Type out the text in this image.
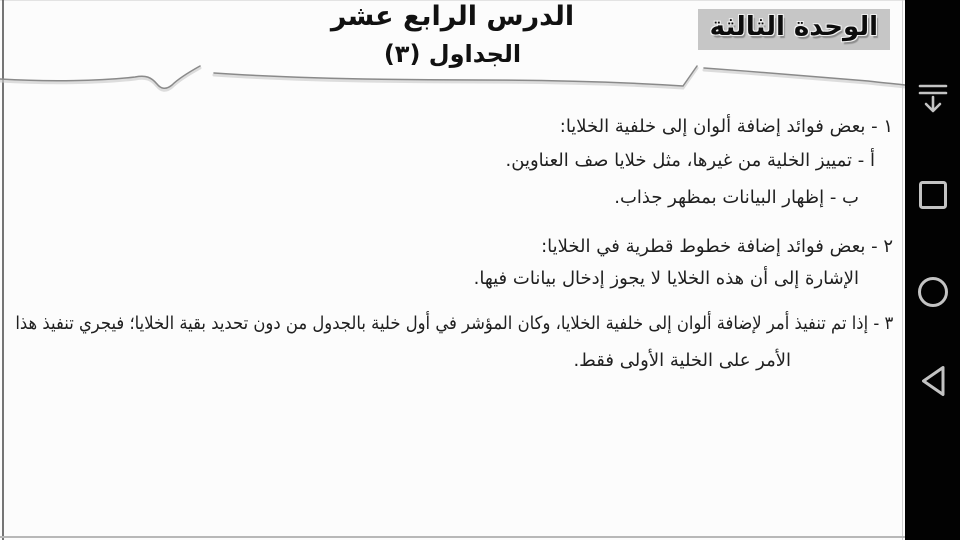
الدرس الرابع عشر
الجداول (٣)
الوحدة الثالثة
١ - بعض فوائد إضافة ألوان إلى خلفية الخلايا:
أ - تمييز الخلية من غيرها، مثل خلايا صف العناوين.
ب - إظهار البيانات بمظهر جذاب.
٢ - بعض فوائد إضافة خطوط قطرية في الخلايا:
الإشارة إلى أن هذه الخلايا لا يجوز إدخال بيانات فيها.
٣ - إذا تم تنفيذ أمر لإضافة ألوان إلى خلفية الخلايا، وكان المؤشر في أول خلية بالجدول من دون تحديد بقية الخلايا؛ فيجري تنفيذ هذا
الأمر على الخلية الأولى فقط.
